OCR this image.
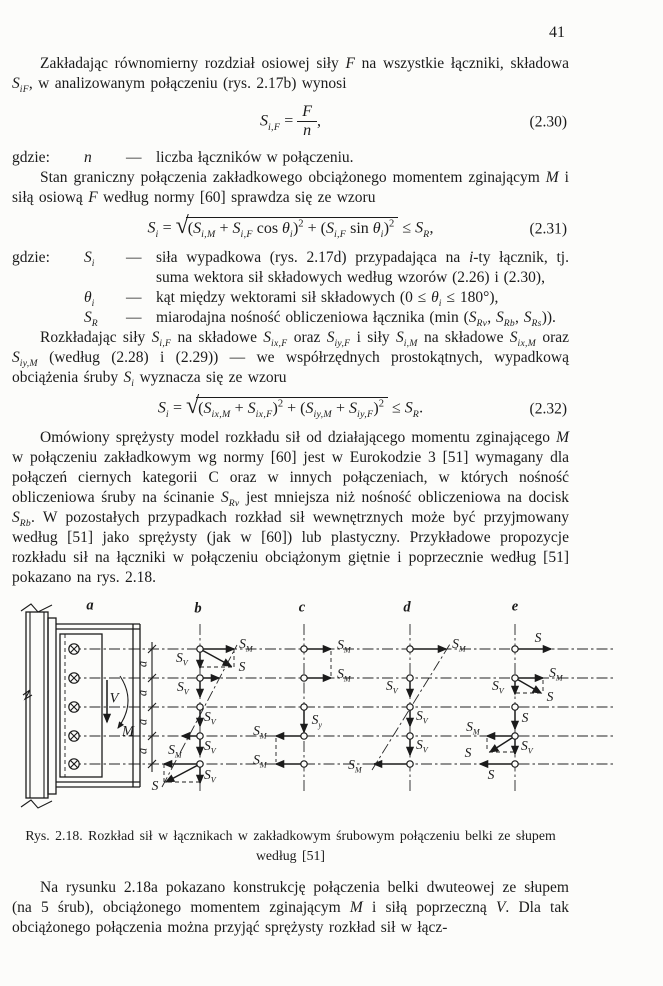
41

Zakładając równomierny rozdział osiowej siły F na wszystkie łączniki, składowa $S_{iF}$, w analizowanym połączeniu (rys. 2.17b) wynosi

$S_{i,F} = \frac{F}{n}$ ,	(2.30)
gdzie:	n	— liczba łączników w połączeniu.

Stan graniczny połączenia zakładkowego obciążonego momentem zginającym M i siłą osiową F według normy [60] sprawdza się ze wzoru

$S_i$ = √ ($S_{i,M} + S_{i,F}$ $\cos \theta_i)^2 + (S_{i,F}$ $\sin \theta_i)^2 \le S_R$,	(2.31)
gdzie:	$S_i$	— siła wypadkowa (rys. 2.17d) przypadająca na i-ty łącznik, tj. suma wektora sił składowych według wzorów (2.26) i (2.30),
$\theta_i$	— kąt między wektorami sił składowych $(0 \le \theta_i \le 180^\circ)$,
$S_R$	— miarodajna nośność obliczeniowa łącznika (min ($S_{Rv}$, $S_{Rb}$, $S_{Rs}$)).

Rozkładając siły $S_{i,F}$ na składowe $S_{ix,F}$ oraz $S_{iy,F}$ i siły $S_{i,M}$ na składowe $S_{ix,M}$ oraz $S_{iy,M}$ (według (2.28) i (2.29)) — we współrzędnych prostokątnych, wypadkową obciążenia śruby $S_i$ wyznacza się ze wzoru

$S_i$ = √ $(S_{ix,M} + S_{ix,F})^2 + (S_{iy,M} + S_{iy,F})^2 \le S_R$.	(2.32)

Omówiony sprężysty model rozkładu sił od działającego momentu zginającego M w połączeniu zakładkowym wg normy [60] jest w Eurokodzie 3 [51] wymagany dla połączeń ciernych kategorii C oraz w innych połączeniach, w których nośność obliczeniowa śruby na ścinanie $S_{Rv}$ jest mniejsza niż nośność obliczeniowa na docisk $S_{Rb}$. W pozostałych przypadkach rozkład sił wewnętrznych może być przyjmowany według [51] jako sprężysty (jak w [60]) lub plastyczny. Przykładowe propozycje rozkładu sił na łączniki w połączeniu obciążonym giętnie i poprzecznie według [51] pokazano na rys. 2.18.

a	b	c	d	e
V
M
a
a
a
a
$S_V$
$S_M$
S
$S_V$
$S_V$
$S_V$
$S_M$
$S_V$
S
$S_M$
$S_M$
$S_y$
$S_M$
$S_M$
$S_M$
$S_V$
$S_V$
$S_V$
$S_M$
S
$S_M$
$S_V$	S
S
$S_M$
$S_V$
S
S
Rys. 2.18. Rozkład sił w łącznikach w zakładkowym śrubowym połączeniu belki ze słupem
według [51]

Na rysunku 2.18a pokazano konstrukcję połączenia belki dwuteowej ze słupem (na 5 śrub), obciążonego momentem zginającym M i siłą poprzeczną V. Dla tak obciążonego połączenia można przyjąć sprężysty rozkład sił w łącz-
